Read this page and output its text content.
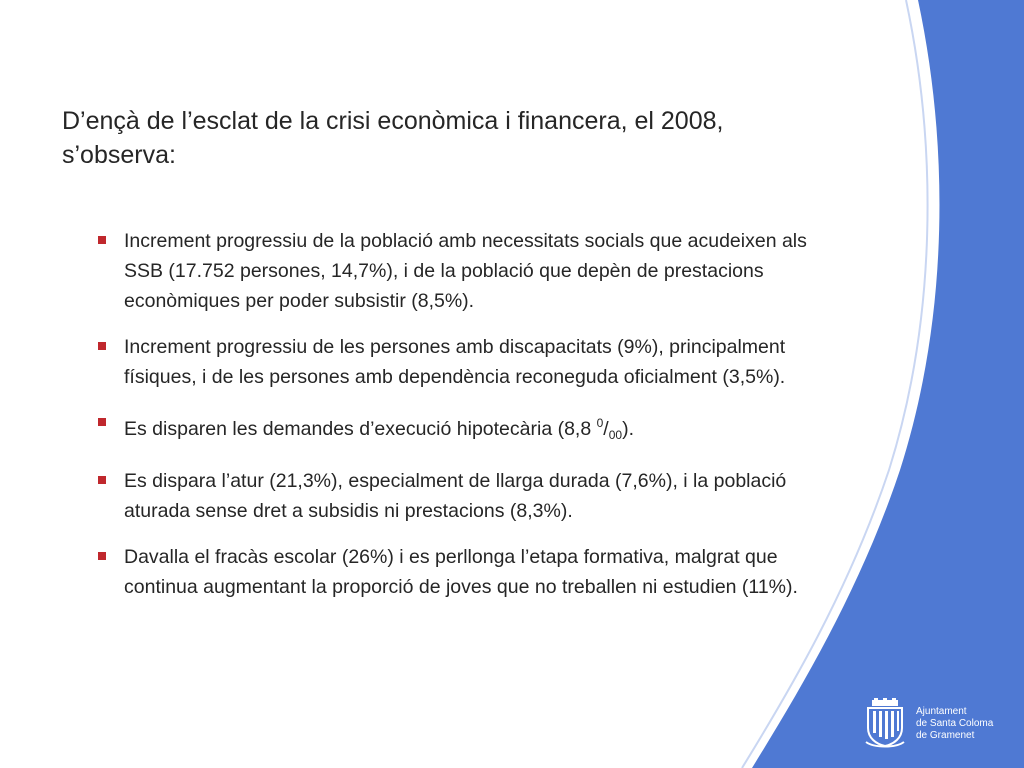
D’ençà de l’esclat de la crisi econòmica i financera, el 2008, s’observa:
Increment progressiu de la població amb necessitats socials que acudeixen als SSB (17.752 persones, 14,7%), i de la població que depèn de prestacions econòmiques per poder subsistir (8,5%).
Increment progressiu de les persones amb discapacitats (9%), principalment físiques, i de les persones amb dependència reconeguda oficialment (3,5%).
Es disparen les demandes d’execució hipotecària (8,8 $^0/_{00}$).
Es dispara l’atur (21,3%), especialment de llarga durada (7,6%), i la població aturada sense dret a subsidis ni prestacions (8,3%).
Davalla el fracàs escolar (26%) i es perllonga l’etapa formativa, malgrat que continua augmentant la proporció de joves que no treballen ni estudien (11%).
Ajuntament
de Santa Coloma
de Gramenet
